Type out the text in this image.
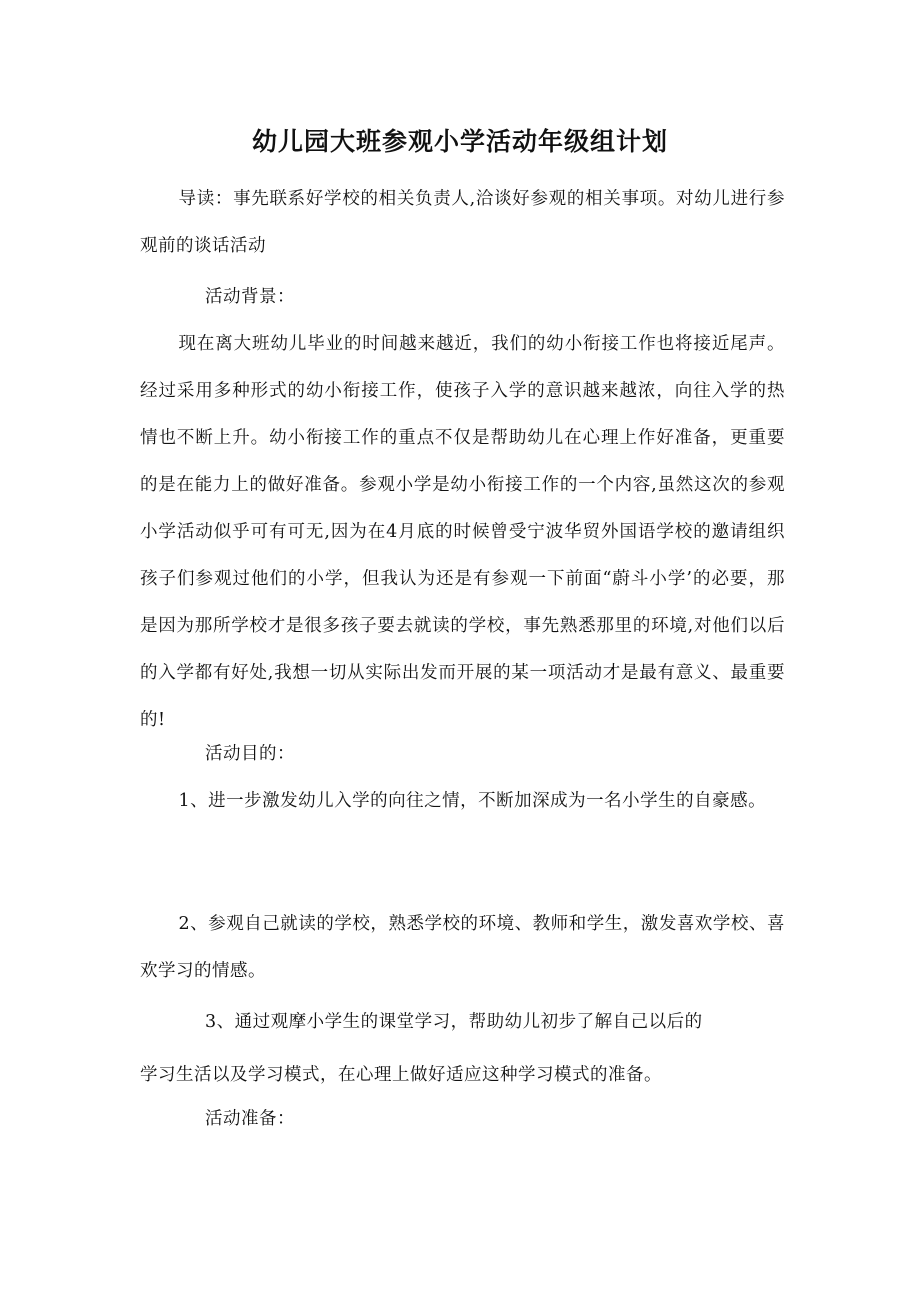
幼儿园大班参观小学活动年级组计划

导读：事先联系好学校的相关负责人,洽谈好参观的相关事项。对幼儿进行参观前的谈话活动

活动背景：

现在离大班幼儿毕业的时间越来越近，我们的幼小衔接工作也将接近尾声。经过采用多种形式的幼小衔接工作，使孩子入学的意识越来越浓，向往入学的热情也不断上升。幼小衔接工作的重点不仅是帮助幼儿在心理上作好准备，更重要的是在能力上的做好准备。参观小学是幼小衔接工作的一个内容,虽然这次的参观小学活动似乎可有可无,因为在4月底的时候曾受宁波华贸外国语学校的邀请组织孩子们参观过他们的小学，但我认为还是有参观一下前面“蔚斗小学’的必要，那是因为那所学校才是很多孩子要去就读的学校，事先熟悉那里的环境,对他们以后的入学都有好处,我想一切从实际出发而开展的某一项活动才是最有意义、最重要的!

活动目的：

1、进一步激发幼儿入学的向往之情，不断加深成为一名小学生的自豪感。

2、参观自己就读的学校，熟悉学校的环境、教师和学生，激发喜欢学校、喜欢学习的情感。

3、通过观摩小学生的课堂学习，帮助幼儿初步了解自己以后的

学习生活以及学习模式，在心理上做好适应这种学习模式的准备。

活动准备：
